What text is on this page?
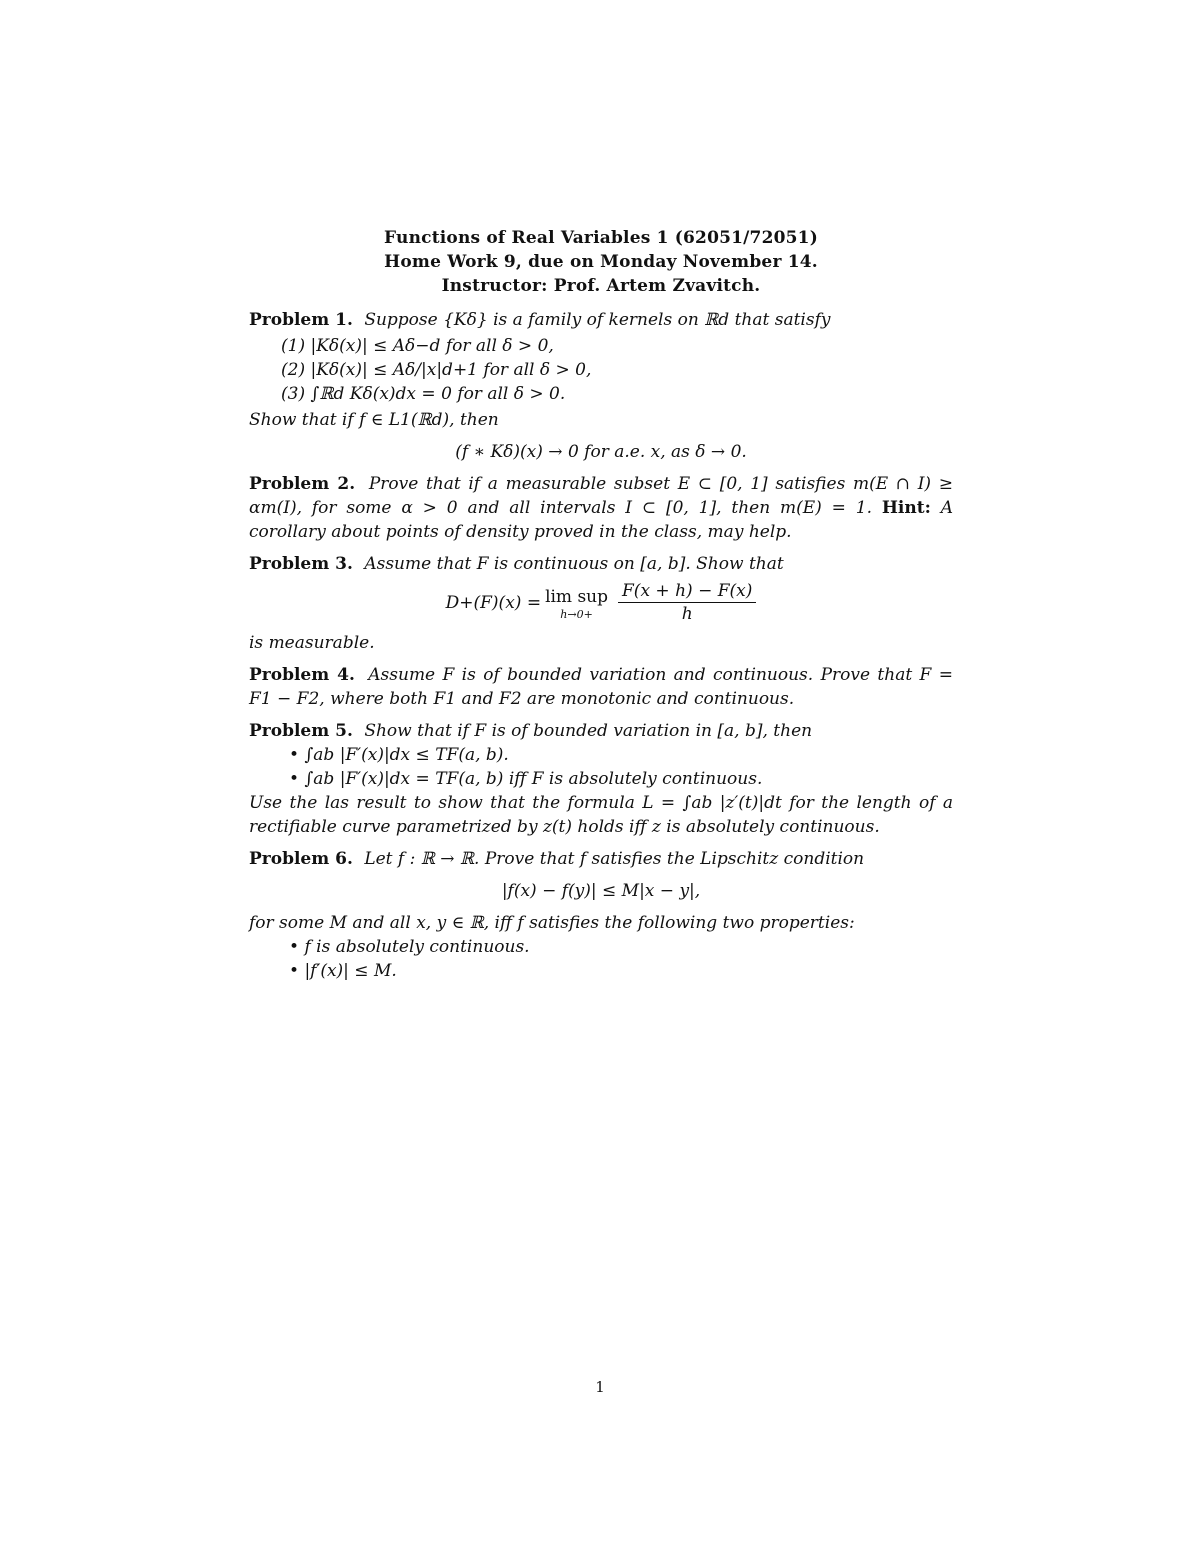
Functions of Real Variables 1 (62051/72051)
Home Work 9, due on Monday November 14.
Instructor: Prof. Artem Zvavitch.
Problem 1. Suppose {Kδ} is a family of kernels on ℝd that satisfy
(1) |Kδ(x)| ≤ Aδ−d for all δ > 0,
(2) |Kδ(x)| ≤ Aδ/|x|d+1 for all δ > 0,
(3) ∫ℝd Kδ(x)dx = 0 for all δ > 0.
Show that if f ∈ L1(ℝd), then
(f ∗ Kδ)(x) → 0 for a.e. x, as δ → 0.
Problem 2. Prove that if a measurable subset E ⊂ [0, 1] satisfies m(E ∩ I) ≥ αm(I), for some α > 0 and all intervals I ⊂ [0, 1], then m(E) = 1. Hint: A corollary about points of density proved in the class, may help.
Problem 3. Assume that F is continuous on [a, b]. Show that
D+(F)(x) = lim sup
$h\to 0+ \frac{F(x + h) - F(x)}{h}$
is measurable.
Problem 4. Assume F is of bounded variation and continuous. Prove that F = F1 − F2, where both F1 and F2 are monotonic and continuous.
Problem 5. Show that if F is of bounded variation in [a, b], then
• ∫ab |F′(x)|dx ≤ TF(a, b).
• ∫ab |F′(x)|dx = TF(a, b) iff F is absolutely continuous.
Use the las result to show that the formula L = ∫ab |z′(t)|dt for the length of a rectifiable curve parametrized by z(t) holds iff z is absolutely continuous.
Problem 6. Let f : ℝ → ℝ. Prove that f satisfies the Lipschitz condition
|f(x) − f(y)| ≤ M|x − y|,
for some M and all x, y ∈ ℝ, iff f satisfies the following two properties:
• f is absolutely continuous.
• |f′(x)| ≤ M.
1
